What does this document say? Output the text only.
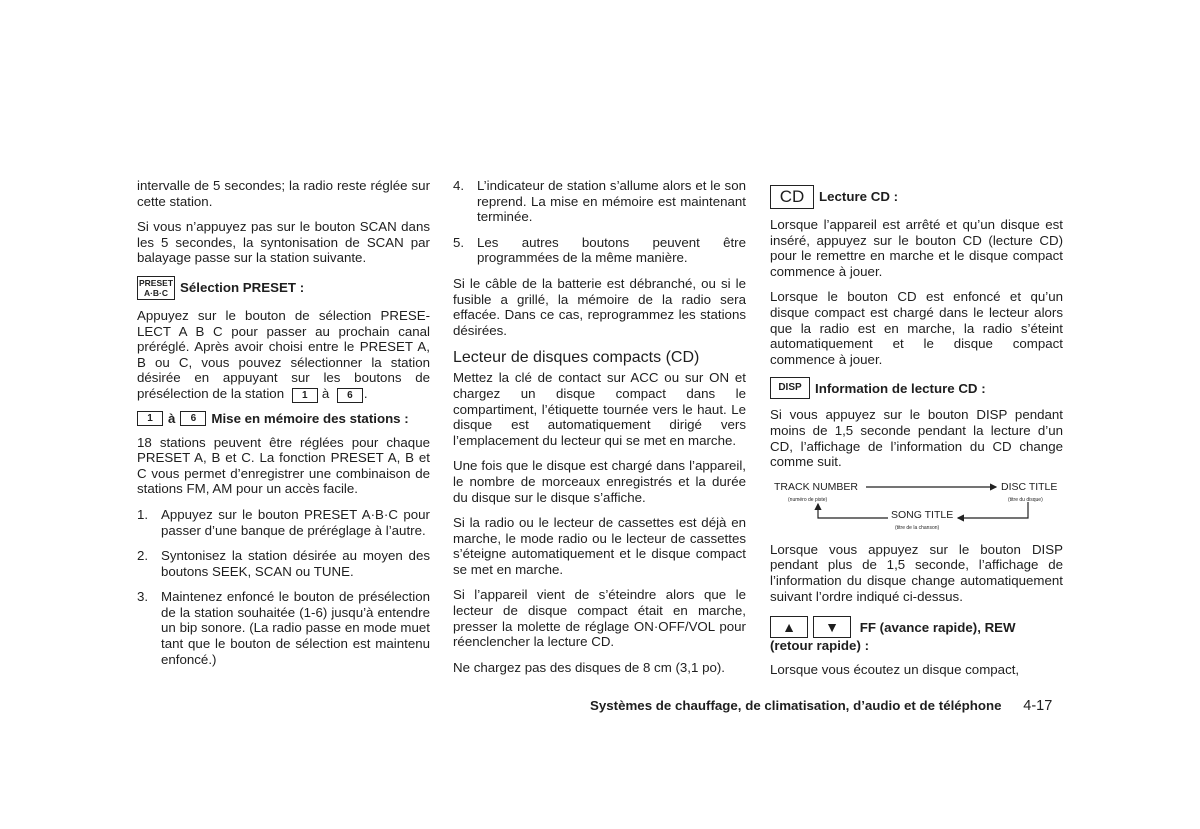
intervalle de 5 secondes; la radio reste réglée sur cette station.

Si vous n’appuyez pas sur le bouton SCAN dans les 5 secondes, la syntonisation de SCAN par balayage passe sur la station suivante.

PRESET
A·B·C Sélection PRESET :

Appuyez sur le bouton de sélection PRESE-LECT A B C pour passer au prochain canal préréglé. Après avoir choisi entre le PRESET A, B ou C, vous pouvez sélectionner la station désirée en appuyant sur les boutons de présélection de la station 1 à 6 .

1	à	6	Mise en mémoire des stations :

18 stations peuvent être réglées pour chaque PRESET A, B et C. La fonction PRESET A, B et C vous permet d’enregistrer une combinaison de stations FM, AM pour un accès facile.

1. Appuyez sur le bouton PRESET A·B·C pour passer d’une banque de préréglage à l’autre.
2. Syntonisez la station désirée au moyen des boutons SEEK, SCAN ou TUNE.
3. Maintenez enfoncé le bouton de présélection de la station souhaitée (1-6) jusqu’à entendre un bip sonore. (La radio passe en mode muet tant que le bouton de sélection est maintenu enfoncé.)
4. L’indicateur de station s’allume alors et le son reprend. La mise en mémoire est maintenant terminée.
5. Les autres boutons peuvent être programmées de la même manière.

Si le câble de la batterie est débranché, ou si le fusible a grillé, la mémoire de la radio sera effacée. Dans ce cas, reprogrammez les stations désirées.

Lecteur de disques compacts (CD)

Mettez la clé de contact sur ACC ou sur ON et chargez un disque compact dans le compartiment, l’étiquette tournée vers le haut. Le disque est automatiquement dirigé vers l’emplacement du lecteur qui se met en marche.

Une fois que le disque est chargé dans l’appareil, le nombre de morceaux enregistrés et la durée du disque sur le disque s’affiche.

Si la radio ou le lecteur de cassettes est déjà en marche, le mode radio ou le lecteur de cassettes s’éteigne automatiquement et le disque compact se met en marche.

Si l’appareil vient de s’éteindre alors que le lecteur de disque compact était en marche, presser la molette de réglage ON·OFF/VOL pour réenclencher la lecture CD.

Ne chargez pas des disques de 8 cm (3,1 po).

CD	Lecture CD :

Lorsque l’appareil est arrêté et qu’un disque est inséré, appuyez sur le bouton CD (lecture CD) pour le remettre en marche et le disque compact commence à jouer.

Lorsque le bouton CD est enfoncé et qu’un disque compact est chargé dans le lecteur alors que la radio est en marche, la radio s’éteint automatiquement et le disque compact commence à jouer.

DISP	Information de lecture CD :

Si vous appuyez sur le bouton DISP pendant moins de 1,5 seconde pendant la lecture d’un CD, l’affichage de l’information du CD change comme suit.

TRACK NUMBER
(numéro de piste)
DISC TITLE
(titre du disque)
SONG TITLE
(titre de la chanson)

Lorsque vous appuyez sur le bouton DISP pendant plus de 1,5 seconde, l’affichage de l’information du disque change automatiquement suivant l’ordre indiqué ci-dessus.

▲ ▼ FF (avance rapide), REW
(retour rapide) :

Lorsque vous écoutez un disque compact,

Systèmes de chauffage, de climatisation, d’audio et de téléphone 4-17
